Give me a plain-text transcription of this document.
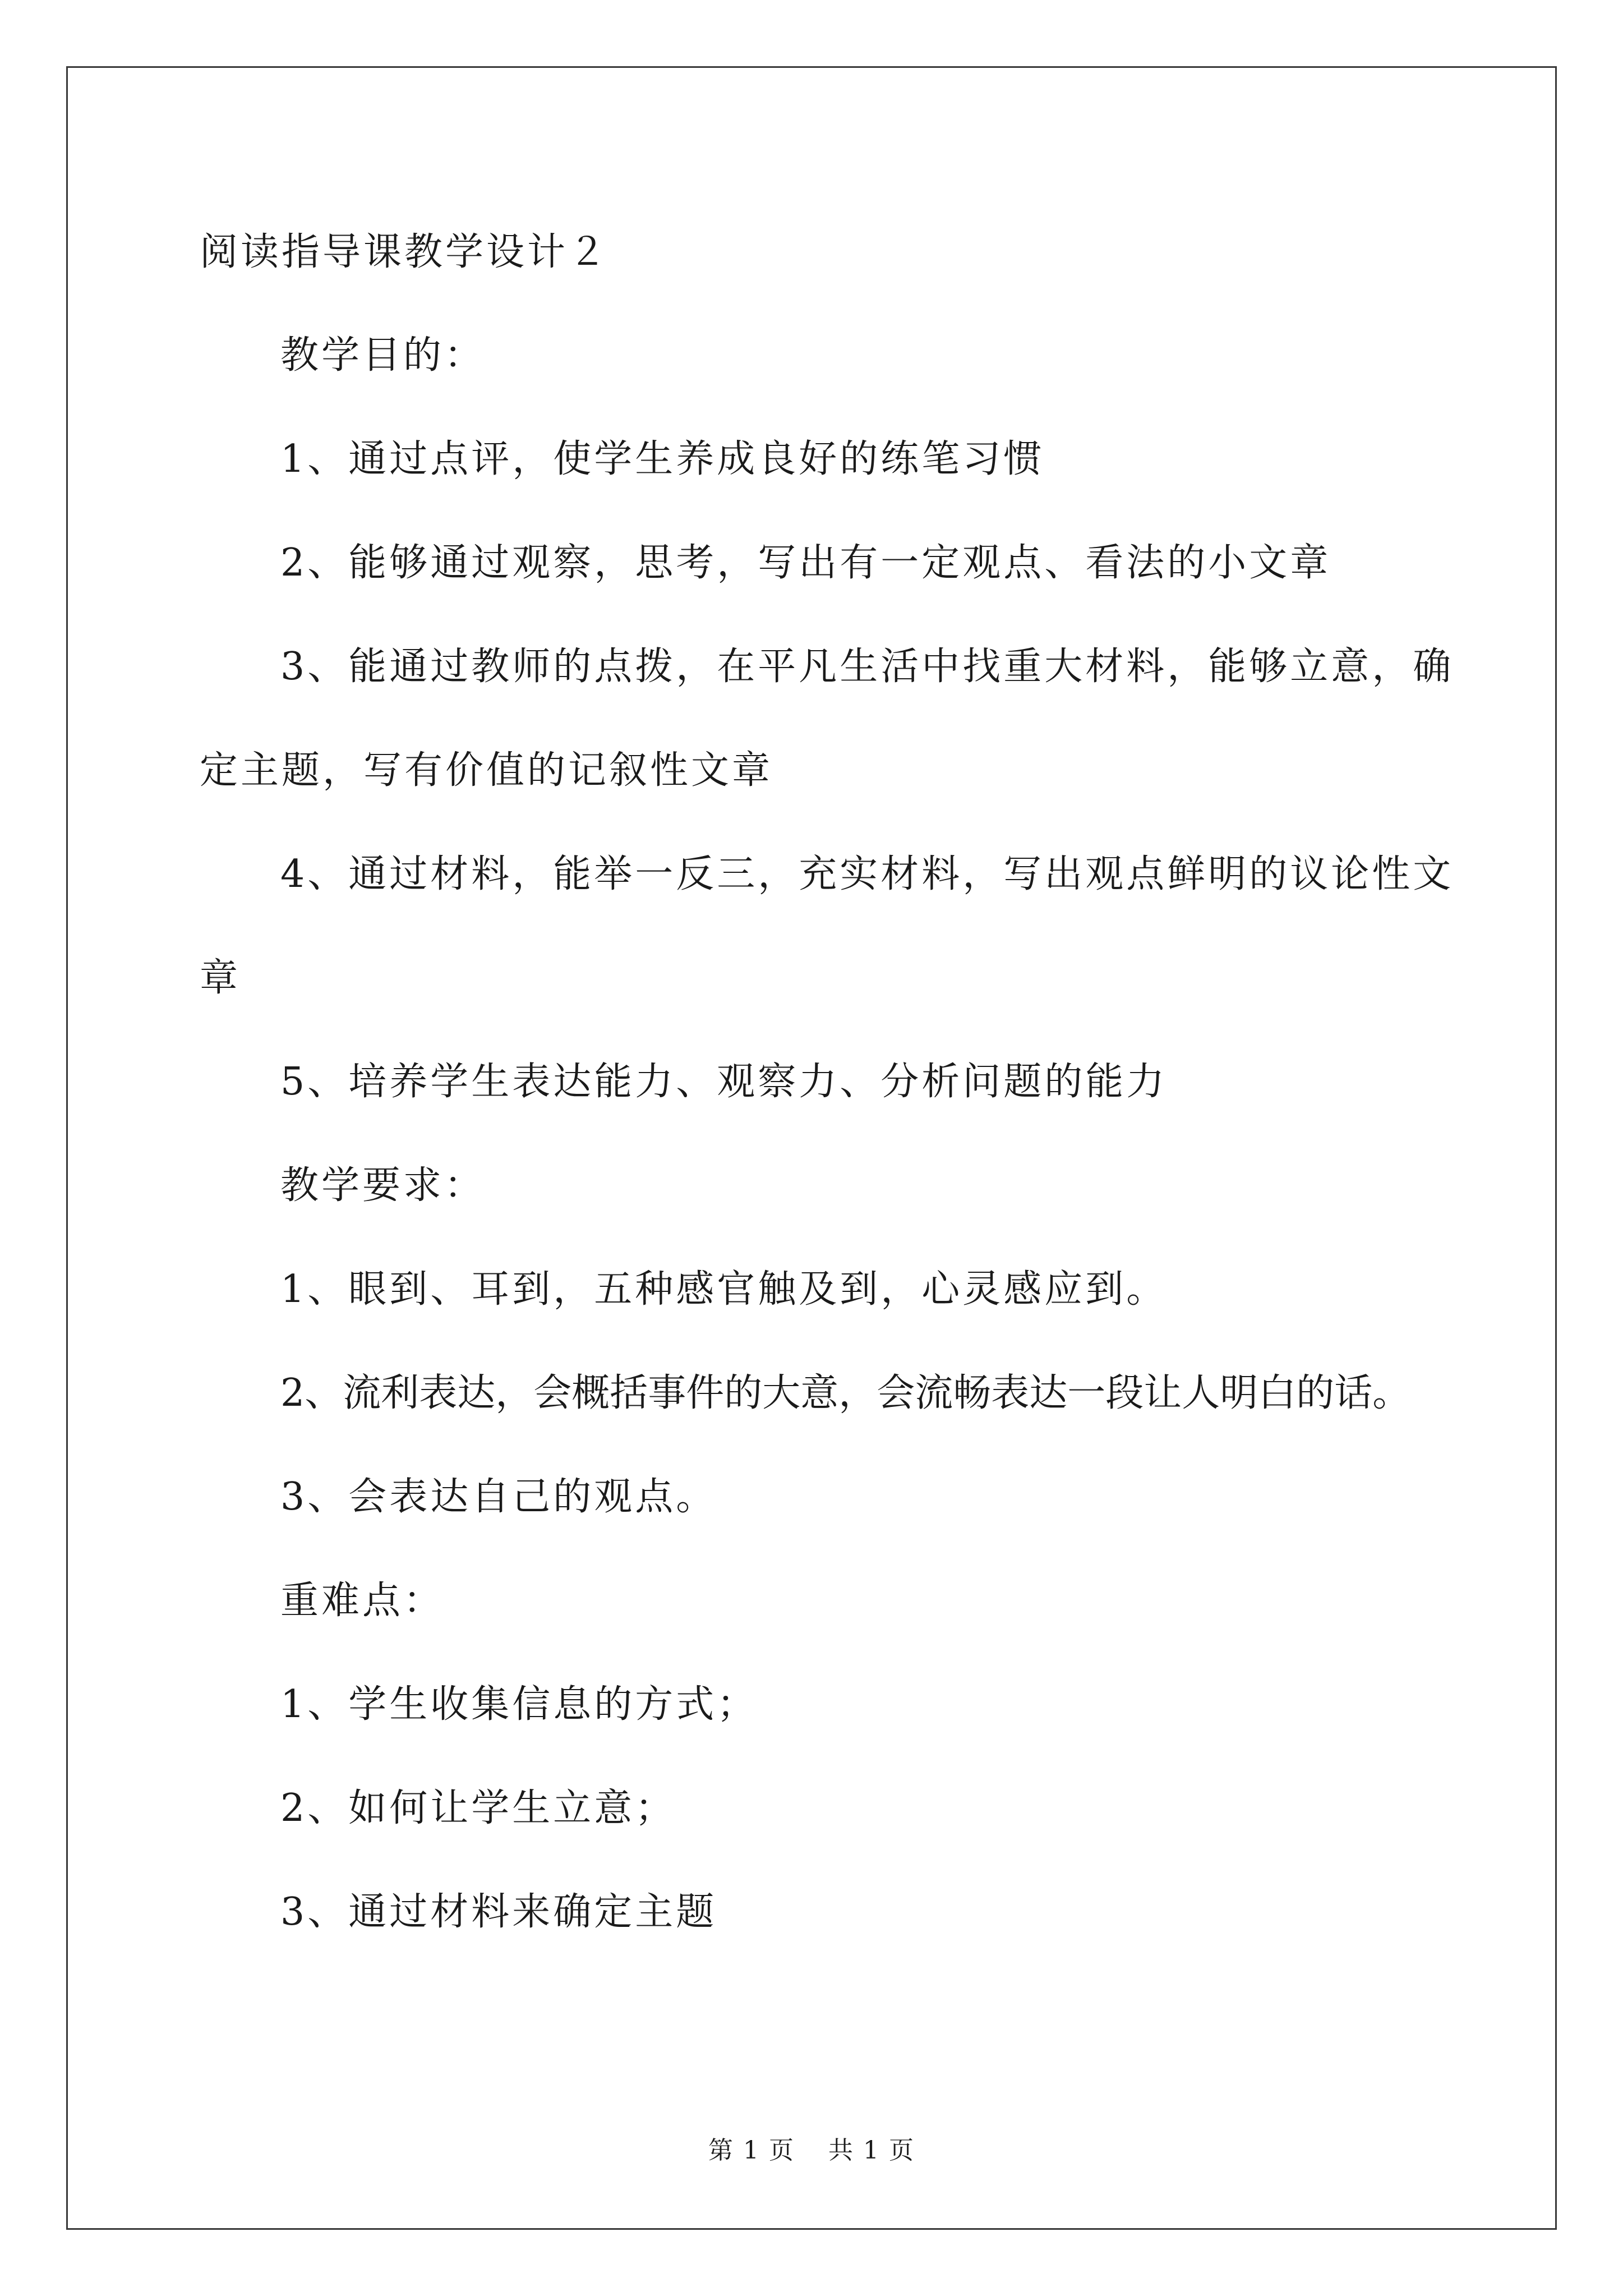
阅读指导课教学设计２

教学目的：

1、通过点评，使学生养成良好的练笔习惯

2、能够通过观察，思考，写出有一定观点、看法的小文章

3、能通过教师的点拨，在平凡生活中找重大材料，能够立意，确

定主题，写有价值的记叙性文章

4、通过材料，能举一反三，充实材料，写出观点鲜明的议论性文

章

5、培养学生表达能力、观察力、分析问题的能力

教学要求：

1、眼到、耳到，五种感官触及到，心灵感应到。

2、流利表达，会概括事件的大意，会流畅表达一段让人明白的话。

3、会表达自己的观点。

重难点：

1、学生收集信息的方式；

2、如何让学生立意；

3、通过材料来确定主题

第 1 页 共 1 页
